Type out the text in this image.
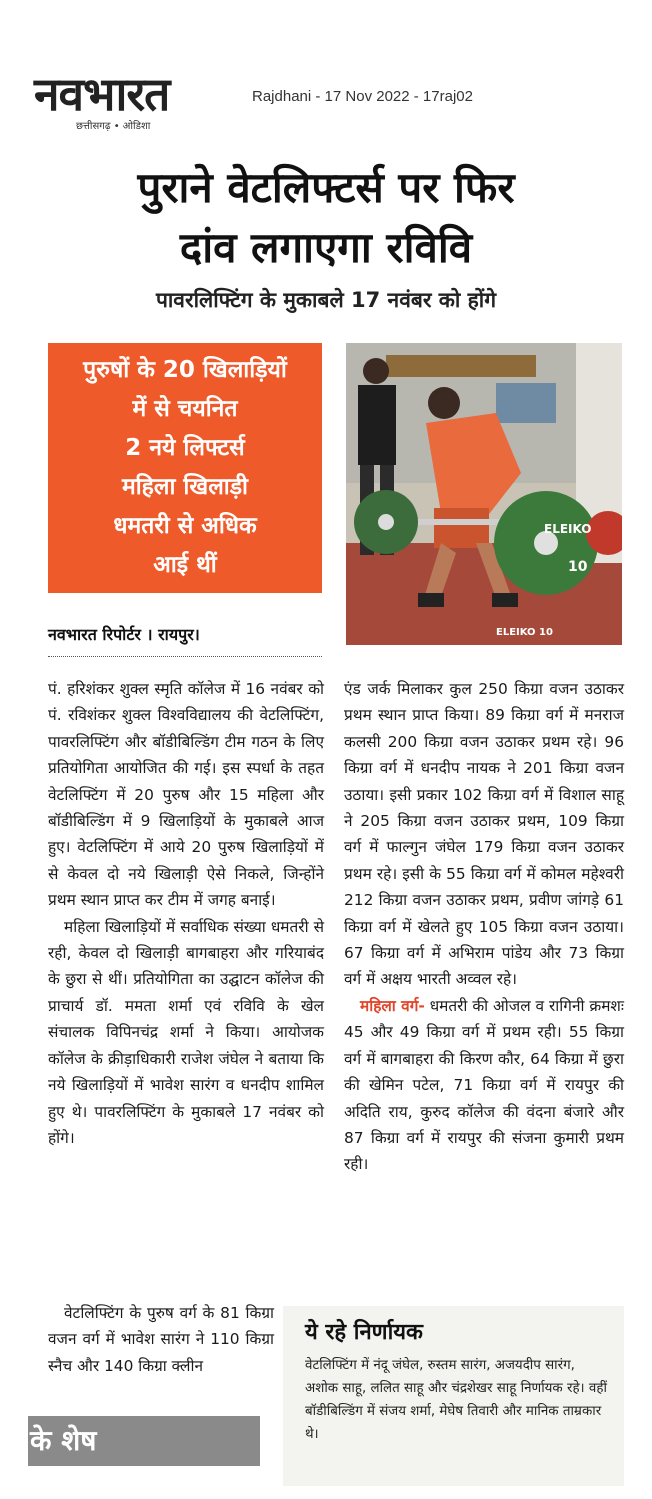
नवभारत
छत्तीसगढ़ • ओडिशा
Rajdhani - 17 Nov 2022 - 17raj02
पुराने वेटलिफ्टर्स पर फिर
दांव लगाएगा रविवि
पावरलिफ्टिंग के मुकाबले 17 नवंबर को होंगे
पुरुषों के 20 खिलाड़ियों
में से चयनित
2 नये लिफ्टर्स
महिला खिलाड़ी
धमतरी से अधिक
आई थीं
ELEIKO
10
ELEIKO 10
नवभारत रिपोर्टर । रायपुर।

पं. हरिशंकर शुक्ल स्मृति कॉलेज में 16 नवंबर को पं. रविशंकर शुक्ल विश्वविद्यालय की वेटलिफ्टिंग, पावरलिफ्टिंग और बॉडीबिल्डिंग टीम गठन के लिए प्रतियोगिता आयोजित की गई। इस स्पर्धा के तहत वेटलिफ्टिंग में 20 पुरुष और 15 महिला और बॉडीबिल्डिंग में 9 खिलाड़ियों के मुकाबले आज हुए। वेटलिफ्टिंग में आये 20 पुरुष खिलाड़ियों में से केवल दो नये खिलाड़ी ऐसे निकले, जिन्होंने प्रथम स्थान प्राप्त कर टीम में जगह बनाई।

महिला खिलाड़ियों में सर्वाधिक संख्या धमतरी से रही, केवल दो खिलाड़ी बागबाहरा और गरियाबंद के छुरा से थीं। प्रतियोगिता का उद्घाटन कॉलेज की प्राचार्य डॉ. ममता शर्मा एवं रविवि के खेल संचालक विपिनचंद्र शर्मा ने किया। आयोजक कॉलेज के क्रीड़ाधिकारी राजेश जंघेल ने बताया कि नये खिलाड़ियों में भावेश सारंग व धनदीप शामिल हुए थे। पावरलिफ्टिंग के मुकाबले 17 नवंबर को होंगे।

वेटलिफ्टिंग के पुरुष वर्ग के 81 किग्रा वजन वर्ग में भावेश सारंग ने 110 किग्रा स्नैच और 140 किग्रा क्लीन

एंड जर्क मिलाकर कुल 250 किग्रा वजन उठाकर प्रथम स्थान प्राप्त किया। 89 किग्रा वर्ग में मनराज कलसी 200 किग्रा वजन उठाकर प्रथम रहे। 96 किग्रा वर्ग में धनदीप नायक ने 201 किग्रा वजन उठाया। इसी प्रकार 102 किग्रा वर्ग में विशाल साहू ने 205 किग्रा वजन उठाकर प्रथम, 109 किग्रा वर्ग में फाल्गुन जंघेल 179 किग्रा वजन उठाकर प्रथम रहे। इसी के 55 किग्रा वर्ग में कोमल महेश्वरी 212 किग्रा वजन उठाकर प्रथम, प्रवीण जांगड़े 61 किग्रा वर्ग में खेलते हुए 105 किग्रा वजन उठाया। 67 किग्रा वर्ग में अभिराम पांडेय और 73 किग्रा वर्ग में अक्षय भारती अव्वल रहे।

महिला वर्ग- धमतरी की ओजल व रागिनी क्रमशः 45 और 49 किग्रा वर्ग में प्रथम रही। 55 किग्रा वर्ग में बागबाहरा की किरण कौर, 64 किग्रा में छुरा की खेमिन पटेल, 71 किग्रा वर्ग में रायपुर की अदिति राय, कुरुद कॉलेज की वंदना बंजारे और 87 किग्रा वर्ग में रायपुर की संजना कुमारी प्रथम रही।

के शेष
ये रहे निर्णायक

वेटलिफ्टिंग में नंदू जंघेल, रुस्तम सारंग, अजयदीप सारंग, अशोक साहू, ललित साहू और चंद्रशेखर साहू निर्णायक रहे। वहीं बॉडीबिल्डिंग में संजय शर्मा, मेघेष तिवारी और मानिक ताम्रकार थे।
